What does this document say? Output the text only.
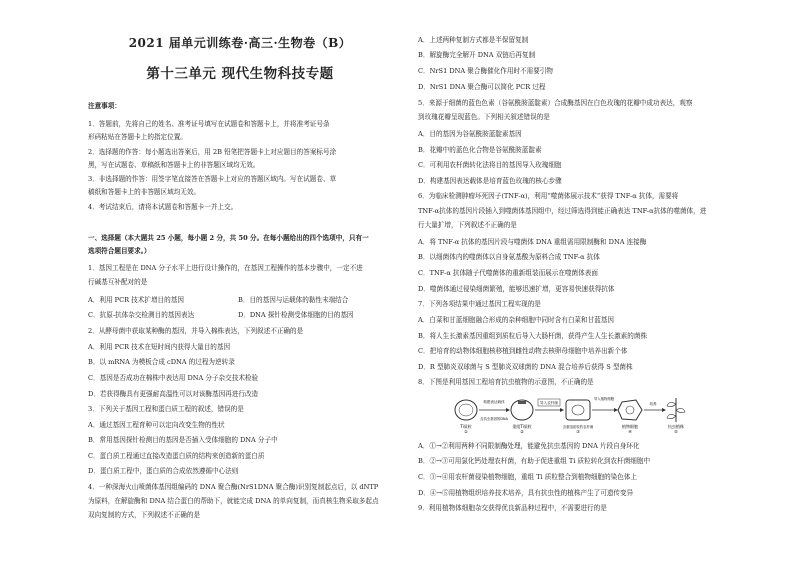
2021 届单元训练卷·高三·生物卷（B）
第十三单元 现代生物科技专题
注意事项：
1．答题前，先将自己的姓名、准考证号填写在试题卷和答题卡上，并将准考证号条
形码粘贴在答题卡上的指定位置。
2．选择题的作答：每小题选出答案后，用 2B 铅笔把答题卡上对应题目的答案标号涂
黑，写在试题卷、草稿纸和答题卡上的非答题区域均无效。
3．非选择题的作答：用签字笔直接答在答题卡上对应的答题区域内。写在试题卷、草
稿纸和答题卡上的非答题区域均无效。
4．考试结束后，请将本试题卷和答题卡一并上交。
一、选择题（本大题共 25 小题，每小题 2 分，共 50 分。在每小题给出的四个选项中，只有一
选项符合题目要求。）
1．基因工程是在 DNA 分子水平上进行设计操作的，在基因工程操作的基本步骤中，一定不进
行碱基互补配对的是
A．利用 PCR 技术扩增目的基因	B．目的基因与运载体的黏性末端结合
C．抗原-抗体杂交检测目的基因表达	D．DNA 探针检测受体细胞的目的基因
2．从酵母菌中获取某种酶的基因，并导入棉株表达，下列叙述不正确的是
A．利用 PCR 技术在短时间内获得大量目的基因
B．以 mRNA 为模板合成 cDNA 的过程为逆转录
C．基因是否成功在棉株中表达用 DNA 分子杂交技术检验
D．若获得酶具有更强耐高温性可以对该酶基因再进行改造
3．下列关于基因工程和蛋白质工程的叙述，错误的是
A．通过基因工程育种可以定向改变生物的性状
B．常用基因探针检测目的基因是否插入受体细胞的 DNA 分子中
C．蛋白质工程通过直接改造蛋白质的结构来创造新的蛋白质
D．蛋白质工程中，蛋白质的合成依然遵循中心法则
4．一种深海火山喷菌体基因组编码的 DNA 聚合酶(NrS1DNA 聚合酶)识别复制起点后，以 dNTP
为原料，在解旋酶和 DNA 结合蛋白的帮助下，就能完成 DNA 的单向复制，而真核生物采取多起点
双向复制的方式，下列叙述不正确的是
A．上述两种复制方式都是半保留复制
B．解旋酶完全解开 DNA 双链后再复制
C．NrS1 DNA 聚合酶催化作用时不需要引物
D．NrS1 DNA 聚合酶可以简化 PCR 过程
5．来源于细菌的蓝色色素（谷氨酰胺蓝靛素）合成酶基因在白色玫瑰的花瓣中成功表达，观察
到玫瑰花瓣呈现蓝色。下列相关叙述错误的是
A．目的基因为谷氨酰胺蓝靛素基因
B．花瓣中的蓝色化合物是谷氨酰胺蓝靛素
C．可利用农杆菌转化法将目的基因导入玫瑰细胞
D．构建基因表达载体是培育蓝色玫瑰的核心步骤
6．为临床检测肿瘤坏死因子(TNF-α)，利用“噬菌体展示技术”获得 TNF-α 抗体，需要将
TNF-α抗体的基因片段插入到噬菌体基因组中，经过筛选得到能正确表达 TNF-α抗体的噬菌体，进
行大量扩增，下列叙述不正确的是
A．将 TNF-α 抗体的基因片段与噬菌体 DNA 重组需用限制酶和 DNA 连接酶
B．以细菌体内的噬菌体以自身氨基酸为原料合成 TNF-α 抗体
C．TNF-α 抗体随子代噬菌体的重新组装而展示在噬菌体表面
D．噬菌体通过侵染细菌繁殖，能够迅速扩增，更容易快速获得抗体
7．下列各项结果中通过基因工程实现的是
A．白菜和甘蓝细胞融合形成的杂种细胞中同时含有白菜和甘蓝基因
B．将人生长激素基因重组到质粒后导入大肠杆菌，获得产生人生长激素的菌株
C．把培育的动物体细胞核移植到雌性动物去核卵母细胞中培养出新个体
D．R 型肺炎双球菌与 S 型肺炎双球菌的 DNA 混合培养后获得 S 型菌株
8．下图是利用基因工程培育抗虫植物的示意图，不正确的是
Ti质粒
①
构建表达载体
含抗虫基因的DNA
重组Ti质粒
②
导入农杆菌
含重组质粒的农杆菌
③
导入植物细胞
植物细胞
④
培养
抗虫植株
⑤
A．①→②利用两种不同限制酶处理，能避免抗虫基因的 DNA 片段自身环化
B．②→③可用氯化钙处理农杆菌，有助于促进重组 Ti 质粒转化到农杆菌细胞中
C．③→④用农杆菌侵染植物细胞，重组 Ti 质粒整合到植物细胞的染色体上
D．④→⑤用植物组织培养技术培养，具有抗虫性的植株产生了可遗传变异
9．利用植物体细胞杂交获得优良新品种过程中，不需要进行的是
